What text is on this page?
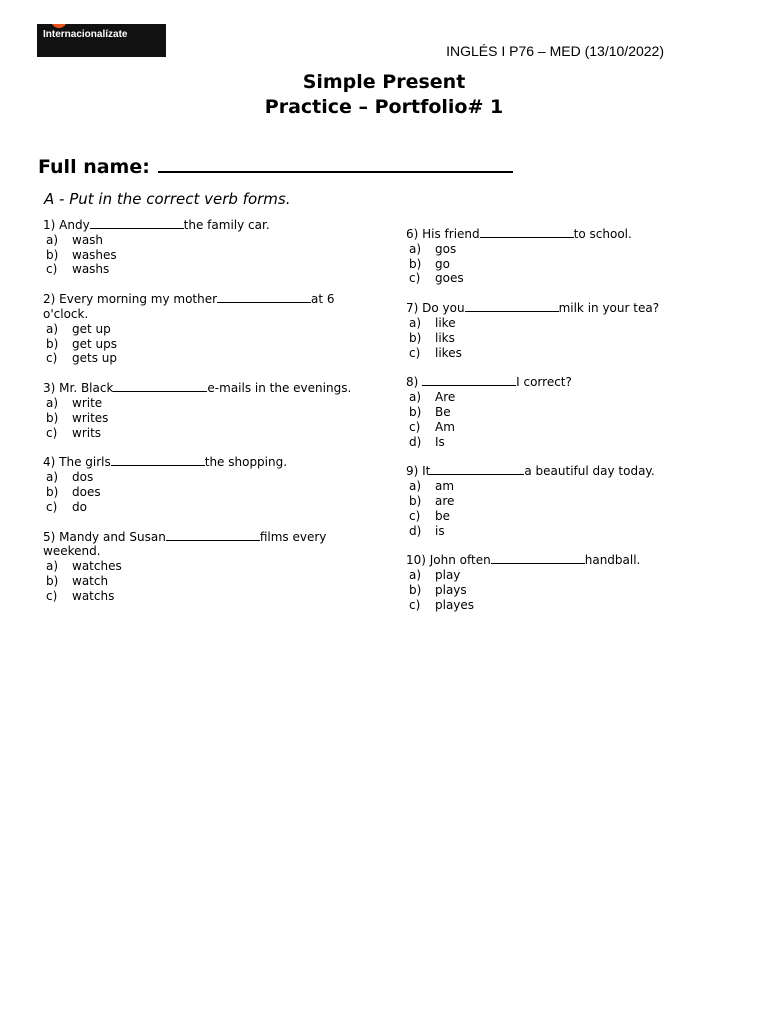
Internacionalízate
INGLÉS I P76 – MED (13/10/2022)
Simple Present
Practice – Portfolio# 1
Full name:
A - Put in the correct verb forms.
1) Andy	the family car.
a) wash
b) washes
c) washs
2) Every morning my mother	at 6 o'clock.
a) get up
b) get ups
c) gets up
3) Mr. Black	e-mails in the evenings.
a) write
b) writes
c) writs
4) The girls	the shopping.
a) dos
b) does
c) do
5) Mandy and Susan	films every weekend.
a) watches
b) watch
c) watchs
6) His friend	to school.
a) gos
b) go
c) goes
7) Do you	milk in your tea?
a) like
b) liks
c) likes
8)	I correct?
a) Are
b) Be
c) Am
d) Is
9) It	a beautiful day today.
a) am
b) are
c) be
d) is
10) John often	handball.
a) play
b) plays
c) playes
